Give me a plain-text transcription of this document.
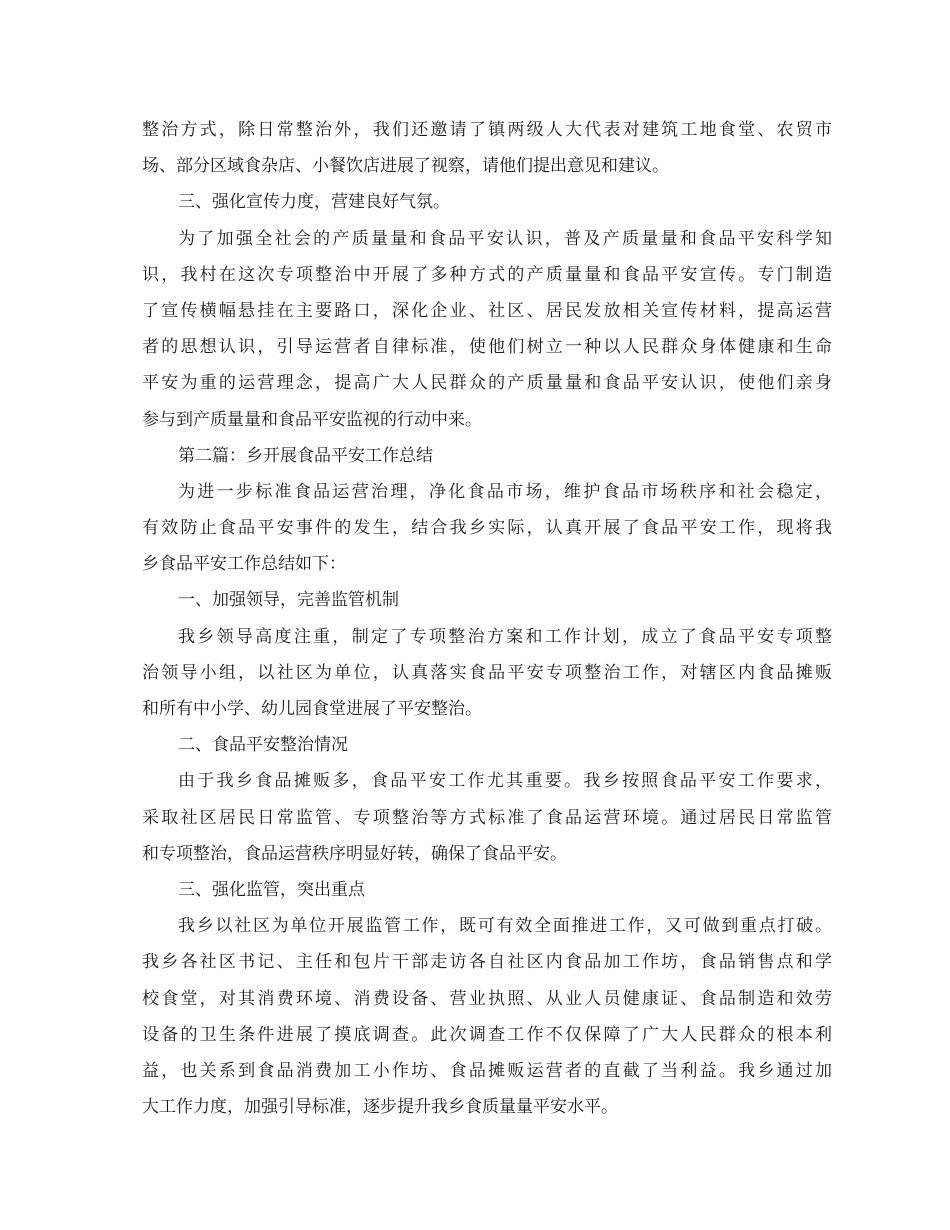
整治方式，除日常整治外，我们还邀请了镇两级人大代表对建筑工地食堂、农贸市
场、部分区域食杂店、小餐饮店进展了视察，请他们提出意见和建议。
三、强化宣传力度，营建良好气氛。
为了加强全社会的产质量量和食品平安认识，普及产质量量和食品平安科学知
识，我村在这次专项整治中开展了多种方式的产质量量和食品平安宣传。专门制造
了宣传横幅悬挂在主要路口，深化企业、社区、居民发放相关宣传材料，提高运营
者的思想认识，引导运营者自律标准，使他们树立一种以人民群众身体健康和生命
平安为重的运营理念，提高广大人民群众的产质量量和食品平安认识，使他们亲身
参与到产质量量和食品平安监视的行动中来。
第二篇：乡开展食品平安工作总结
为进一步标准食品运营治理，净化食品市场，维护食品市场秩序和社会稳定，
有效防止食品平安事件的发生，结合我乡实际，认真开展了食品平安工作，现将我
乡食品平安工作总结如下：
一、加强领导，完善监管机制
我乡领导高度注重，制定了专项整治方案和工作计划，成立了食品平安专项整
治领导小组，以社区为单位，认真落实食品平安专项整治工作，对辖区内食品摊贩
和所有中小学、幼儿园食堂进展了平安整治。
二、食品平安整治情况
由于我乡食品摊贩多，食品平安工作尤其重要。我乡按照食品平安工作要求，
采取社区居民日常监管、专项整治等方式标准了食品运营环境。通过居民日常监管
和专项整治，食品运营秩序明显好转，确保了食品平安。
三、强化监管，突出重点
我乡以社区为单位开展监管工作，既可有效全面推进工作，又可做到重点打破。
我乡各社区书记、主任和包片干部走访各自社区内食品加工作坊，食品销售点和学
校食堂，对其消费环境、消费设备、营业执照、从业人员健康证、食品制造和效劳
设备的卫生条件进展了摸底调查。此次调查工作不仅保障了广大人民群众的根本利
益，也关系到食品消费加工小作坊、食品摊贩运营者的直截了当利益。我乡通过加
大工作力度，加强引导标准，逐步提升我乡食质量量平安水平。
